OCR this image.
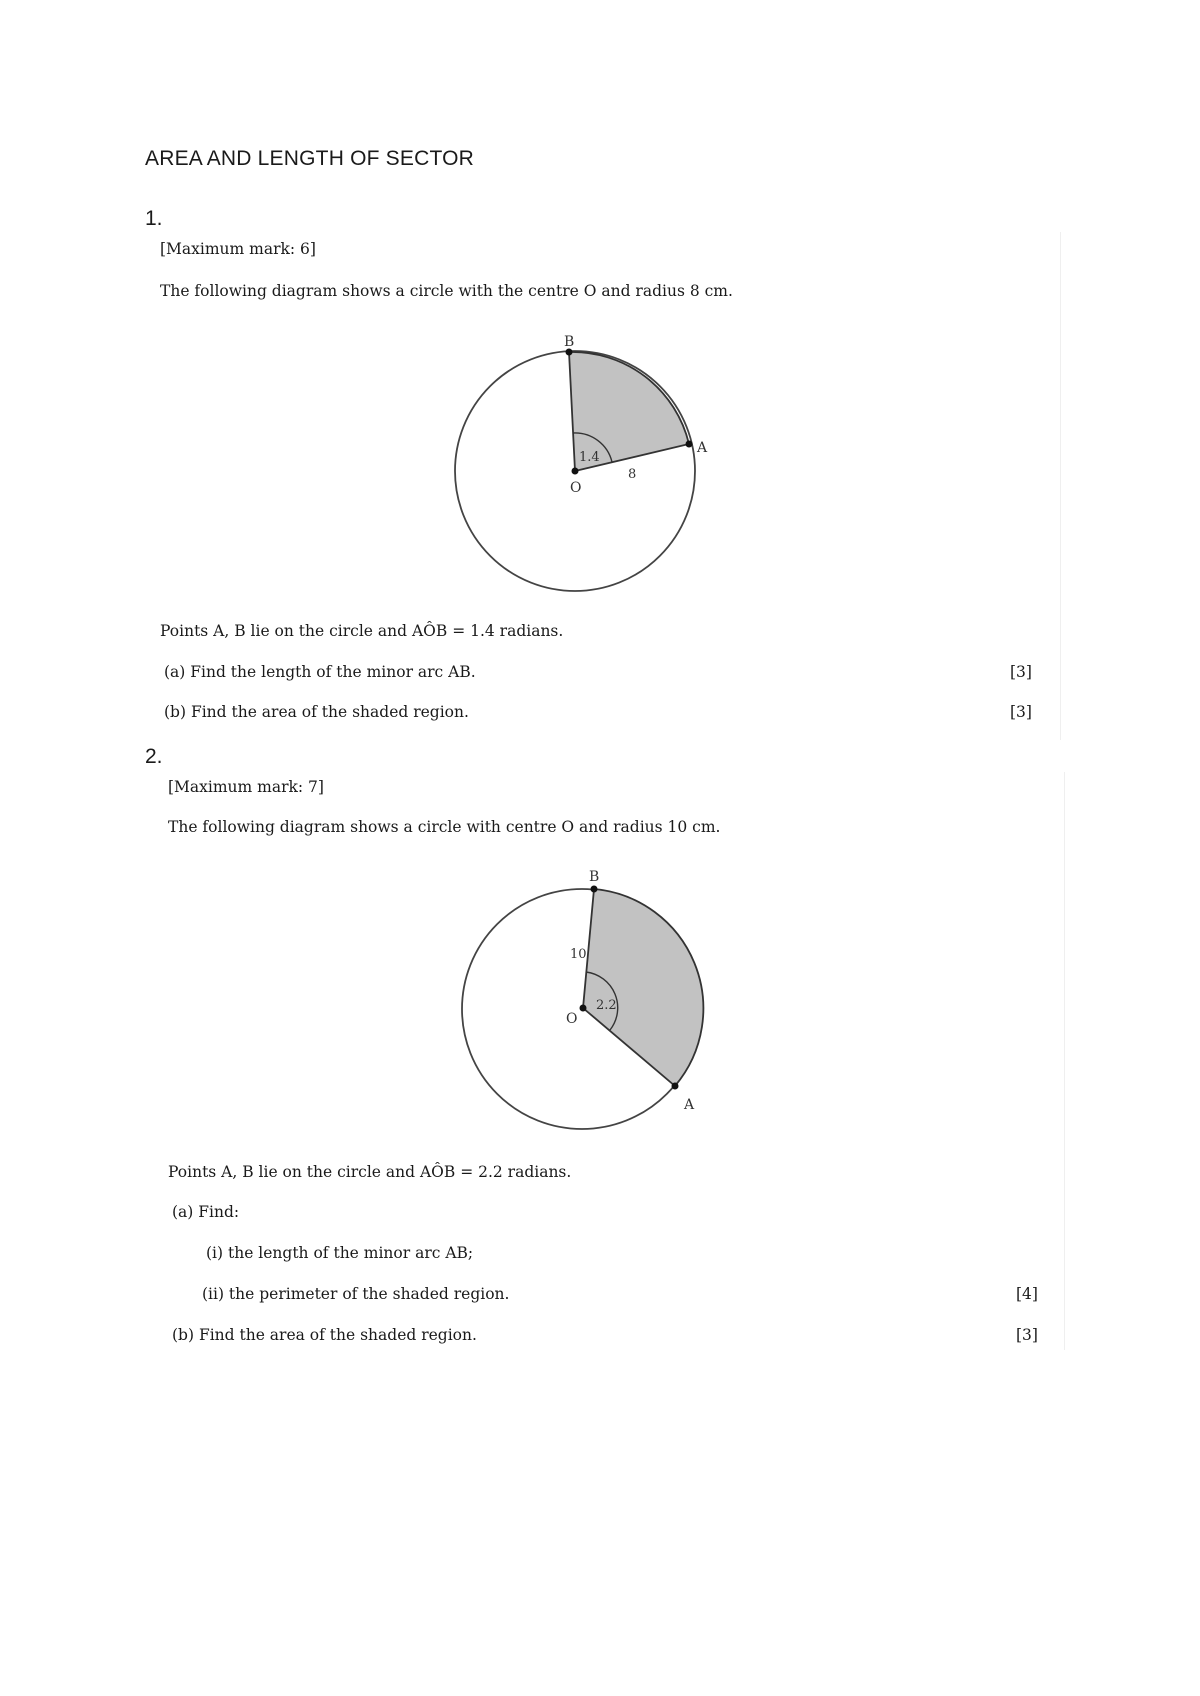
AREA AND LENGTH OF SECTOR
1.
[Maximum mark: 6]
The following diagram shows a circle with the centre O and radius 8 cm.
B
A
O
1.4
8
Points A, B lie on the circle and AÔB = 1.4 radians.
(a) Find the length of the minor arc AB.	[3]
(b) Find the area of the shaded region.	[3]
2.
[Maximum mark: 7]
The following diagram shows a circle with centre O and radius 10 cm.
B
A
O
2.2
10
Points A, B lie on the circle and AÔB = 2.2 radians.
(a) Find:
(i) the length of the minor arc AB;
(ii) the perimeter of the shaded region.	[4]
(b) Find the area of the shaded region.	[3]
